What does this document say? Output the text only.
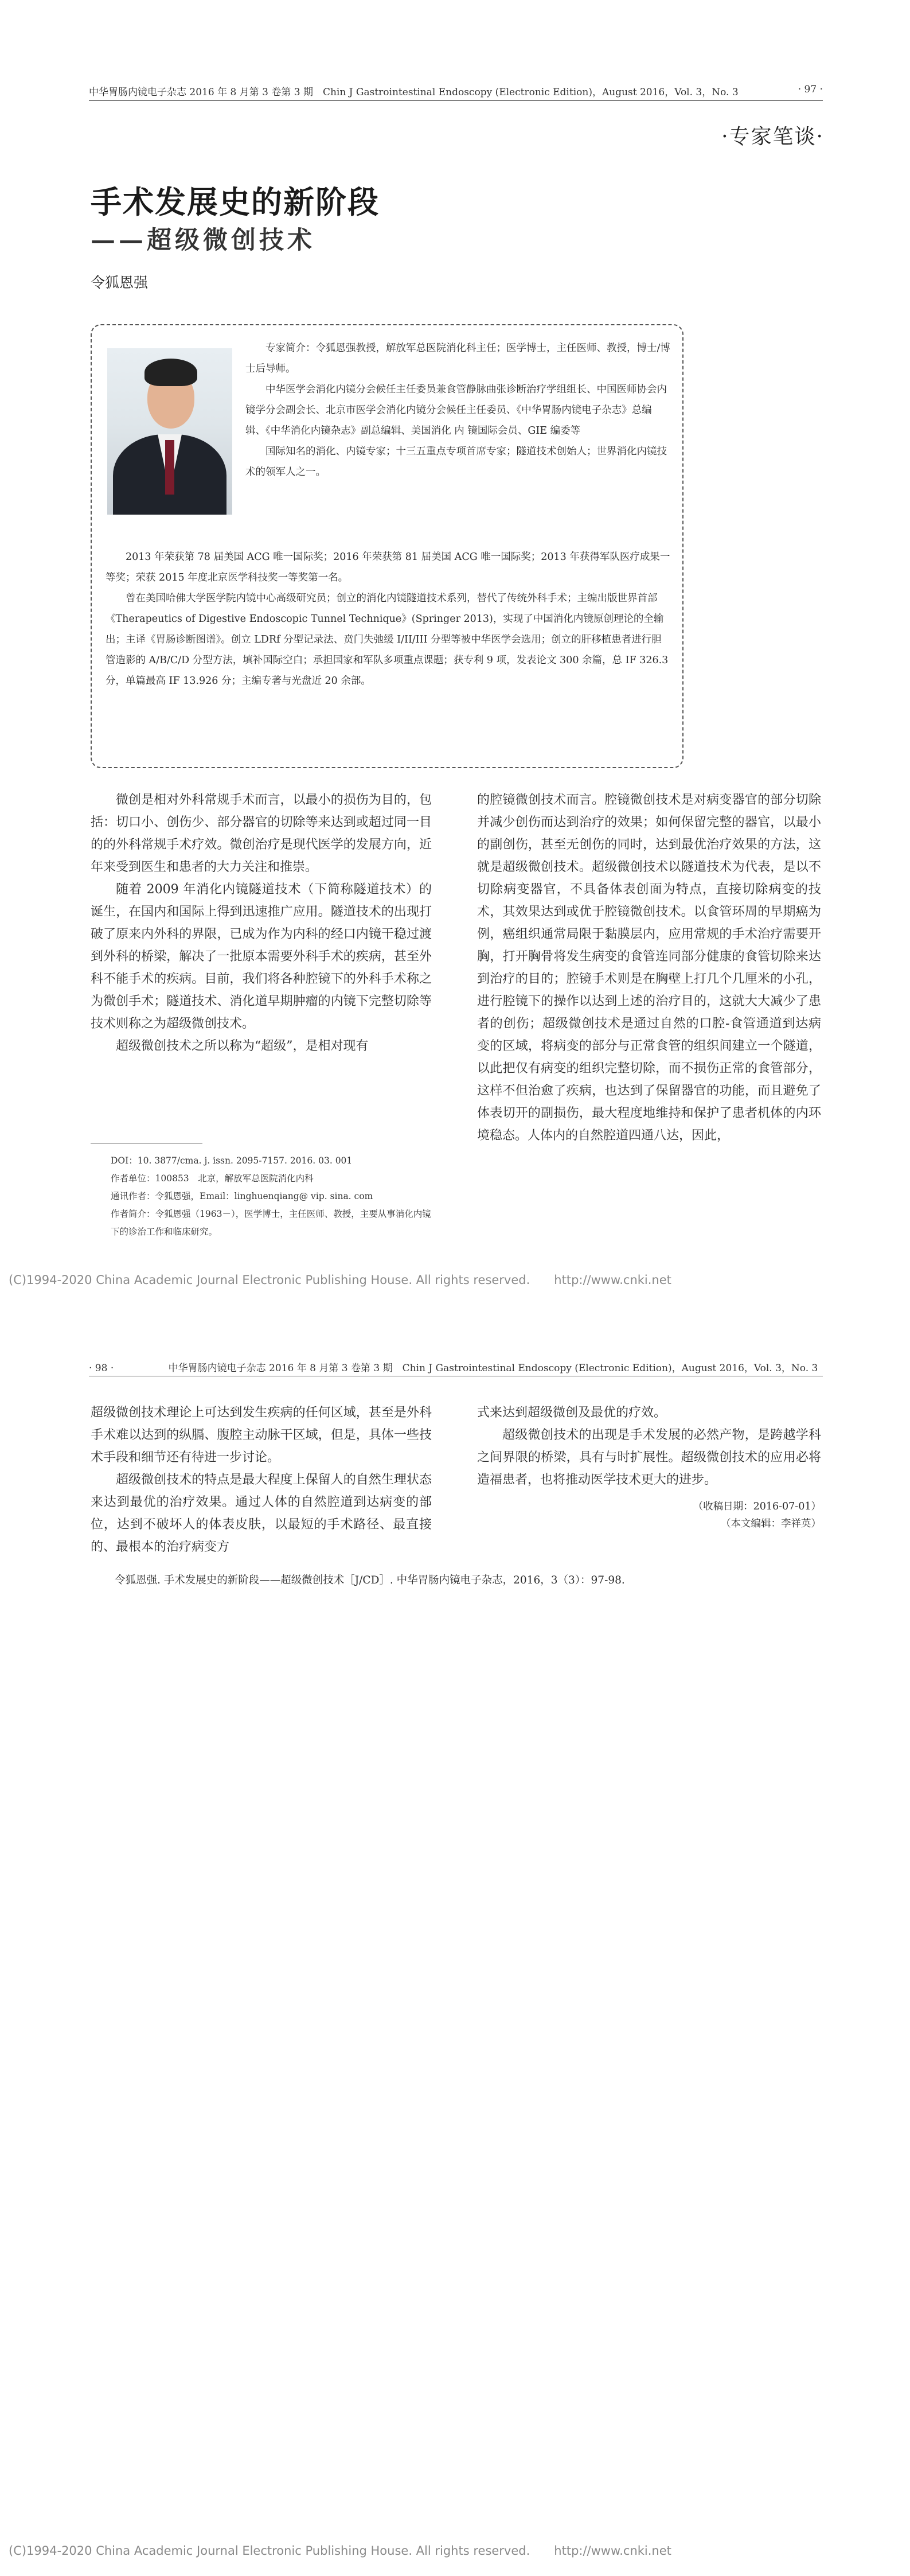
中华胃肠内镜电子杂志 2016 年 8 月第 3 卷第 3 期　Chin J Gastrointestinal Endoscopy (Electronic Edition)，August 2016，Vol. 3，No. 3	· 97 ·
·专家笔谈·
手术发展史的新阶段
——超级微创技术
令狐恩强
专家简介：令狐恩强教授，解放军总医院消化科主任；医学博士，主任医师、教授，博士/博士后导师。
中华医学会消化内镜分会候任主任委员兼食管静脉曲张诊断治疗学组组长、中国医师协会内镜学分会副会长、北京市医学会消化内镜分会候任主任委员、《中华胃肠内镜电子杂志》总编辑、《中华消化内镜杂志》副总编辑、美国消化 内 镜国际会员、GIE 编委等
国际知名的消化、内镜专家；十三五重点专项首席专家；隧道技术创始人；世界消化内镜技术的领军人之一。
2013 年荣获第 78 届美国 ACG 唯一国际奖；2016 年荣获第 81 届美国 ACG 唯一国际奖；2013 年获得军队医疗成果一等奖；荣获 2015 年度北京医学科技奖一等奖第一名。
曾在美国哈佛大学医学院内镜中心高级研究员；创立的消化内镜隧道技术系列，替代了传统外科手术；主编出版世界首部《Therapeutics of Digestive Endoscopic Tunnel Technique》(Springer 2013)，实现了中国消化内镜原创理论的全输出；主译《胃肠诊断图谱》。创立 LDRf 分型记录法、贲门失弛缓 I/II/III 分型等被中华医学会选用；创立的肝移植患者进行胆管造影的 A/B/C/D 分型方法，填补国际空白；承担国家和军队多项重点课题；获专利 9 项，发表论文 300 余篇，总 IF 326.3 分，单篇最高 IF 13.926 分；主编专著与光盘近 20 余部。

微创是相对外科常规手术而言，以最小的损伤为目的，包括：切口小、创伤少、部分器官的切除等来达到或超过同一目的的外科常规手术疗效。微创治疗是现代医学的发展方向，近年来受到医生和患者的大力关注和推崇。

随着 2009 年消化内镜隧道技术（下简称隧道技术）的诞生，在国内和国际上得到迅速推广应用。隧道技术的出现打破了原来内外科的界限，已成为作为内科的经口内镜干稳过渡到外科的桥梁，解决了一批原本需要外科手术的疾病，甚至外科不能手术的疾病。目前，我们将各种腔镜下的外科手术称之为微创手术；隧道技术、消化道早期肿瘤的内镜下完整切除等技术则称之为超级微创技术。

超级微创技术之所以称为“超级”，是相对现有

的腔镜微创技术而言。腔镜微创技术是对病变器官的部分切除并减少创伤而达到治疗的效果；如何保留完整的器官，以最小的副创伤，甚至无创伤的同时，达到最优治疗效果的方法，这就是超级微创技术。超级微创技术以隧道技术为代表，是以不切除病变器官，不具备体表创面为特点，直接切除病变的技术，其效果达到或优于腔镜微创技术。以食管环周的早期癌为例，癌组织通常局限于黏膜层内，应用常规的手术治疗需要开胸，打开胸骨将发生病变的食管连同部分健康的食管切除来达到治疗的目的；腔镜手术则是在胸壁上打几个几厘米的小孔，进行腔镜下的操作以达到上述的治疗目的，这就大大减少了患者的创伤；超级微创技术是通过自然的口腔-食管通道到达病变的区域，将病变的部分与正常食管的组织间建立一个隧道，以此把仅有病变的组织完整切除，而不损伤正常的食管部分，这样不但治愈了疾病，也达到了保留器官的功能，而且避免了体表切开的副损伤，最大程度地维持和保护了患者机体的内环境稳态。人体内的自然腔道四通八达，因此，

DOI：10. 3877/cma. j. issn. 2095-7157. 2016. 03. 001
作者单位：100853　北京，解放军总医院消化内科
通讯作者：令狐恩强，Email：linghuenqiang@ vip. sina. com
作者简介：令狐恩强（1963－），医学博士，主任医师、教授，主要从事消化内镜下的诊治工作和临床研究。
(C)1994-2020 China Academic Journal Electronic Publishing House. All rights reserved.　　http://www.cnki.net
· 98 ·	中华胃肠内镜电子杂志 2016 年 8 月第 3 卷第 3 期　Chin J Gastrointestinal Endoscopy (Electronic Edition)，August 2016，Vol. 3，No. 3

超级微创技术理论上可达到发生疾病的任何区域，甚至是外科手术难以达到的纵膈、腹腔主动脉干区域，但是，具体一些技术手段和细节还有待进一步讨论。

超级微创技术的特点是最大程度上保留人的自然生理状态来达到最优的治疗效果。通过人体的自然腔道到达病变的部位，达到不破坏人的体表皮肤，以最短的手术路径、最直接的、最根本的治疗病变方

式来达到超级微创及最优的疗效。

超级微创技术的出现是手术发展的必然产物，是跨越学科之间界限的桥梁，具有与时扩展性。超级微创技术的应用必将造福患者，也将推动医学技术更大的进步。

（收稿日期：2016-07-01）
（本文编辑：李祥英）
令狐恩强. 手术发展史的新阶段——超级微创技术［J/CD］. 中华胃肠内镜电子杂志，2016，3（3）：97-98.
(C)1994-2020 China Academic Journal Electronic Publishing House. All rights reserved.　　http://www.cnki.net
